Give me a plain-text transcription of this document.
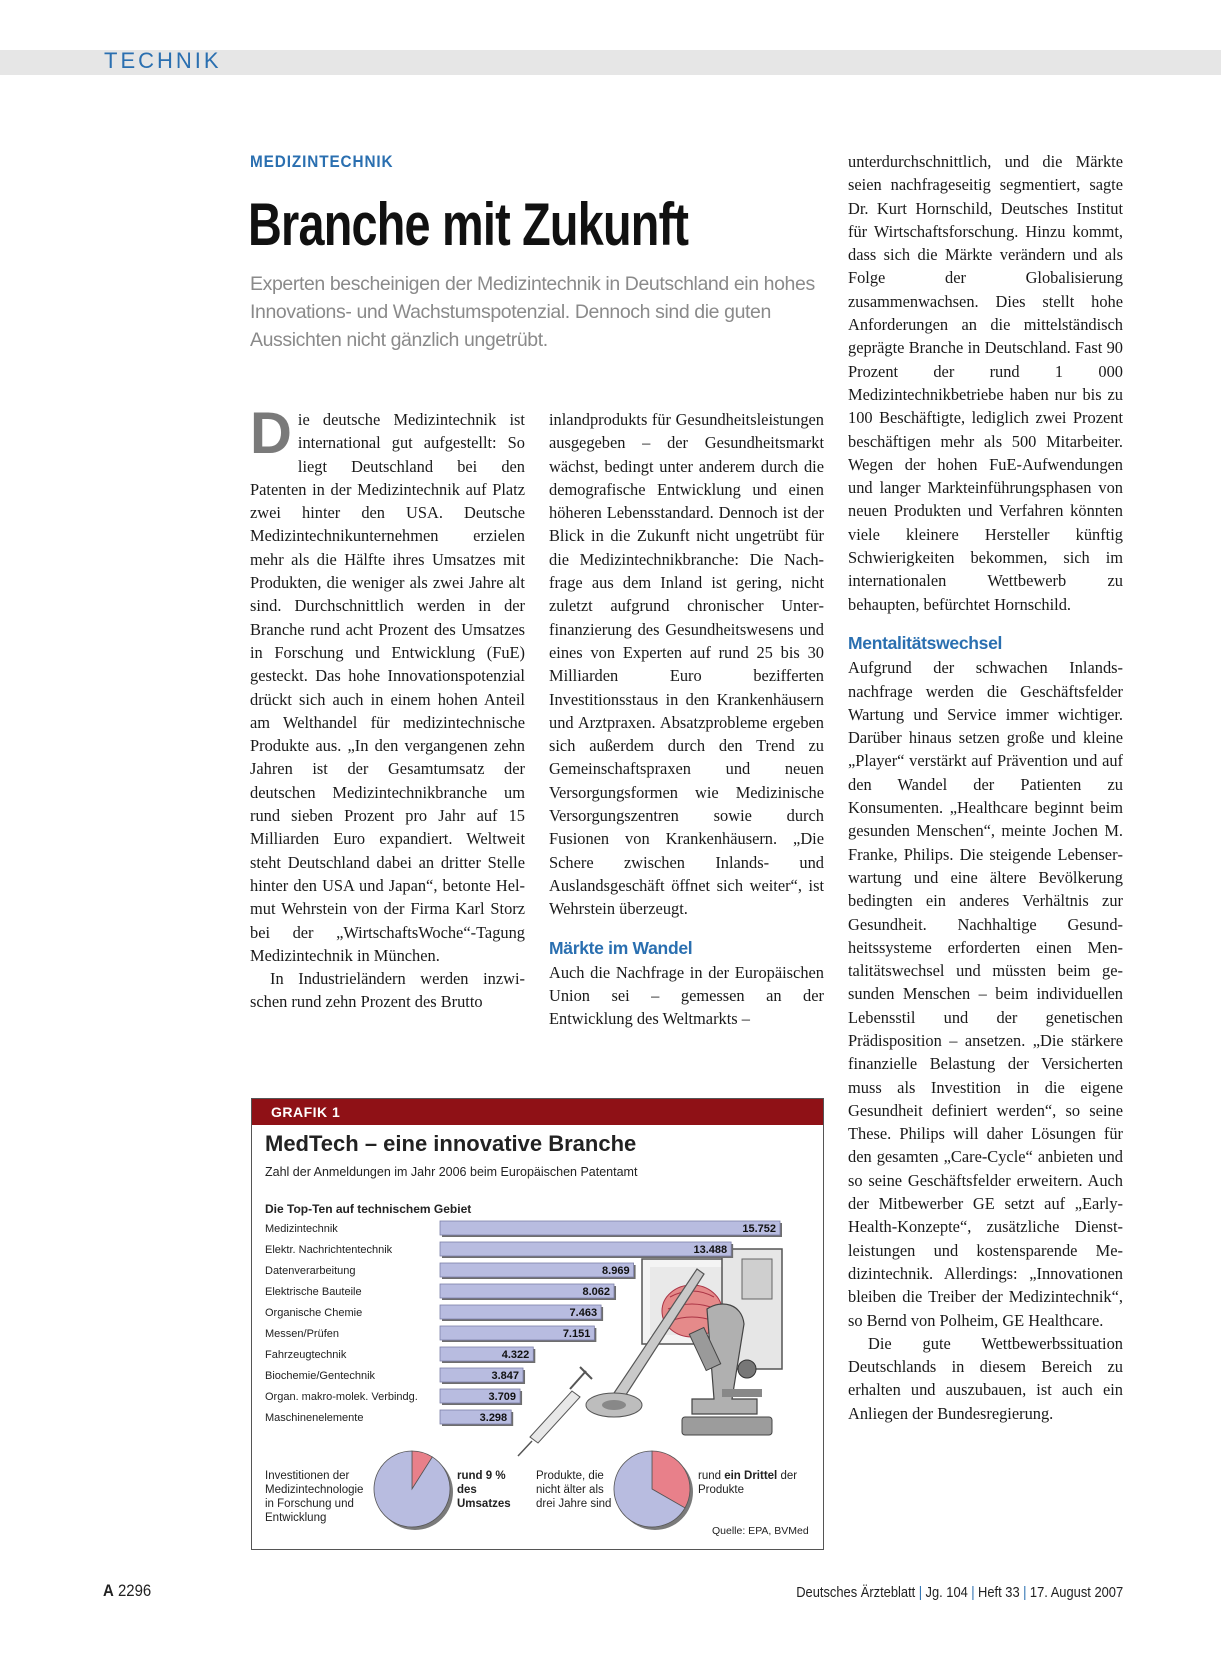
TECHNIK
MEDIZINTECHNIK
Branche mit Zukunft

Experten bescheinigen der Medizintechnik in Deutschland ein hohes Innovations- und Wachstumspotenzial. Dennoch sind die guten Aussichten nicht gänzlich ungetrübt.

Die deutsche Medizintechnik ist international gut aufgestellt: So liegt Deutschland bei den Patenten in der Medizintechnik auf Platz zwei hinter den USA. Deutsche Medizintechnikunternehmen erzielen mehr als die Hälfte ihres Umsatzes mit Produkten, die weniger als zwei Jahre alt sind. Durchschnittlich werden in der Branche rund acht Prozent des Umsatzes in Forschung und Entwicklung (FuE) gesteckt. Das hohe Innovationspotenzial drückt sich auch in einem hohen Anteil am Welthandel für medizintechnische Produkte aus. „In den vergangenen zehn Jahren ist der Gesamtumsatz der deutschen Medizintechnikbranche um rund sieben Prozent pro Jahr auf 15 Milliarden Euro expandiert. Weltweit steht Deutschland dabei an dritter Stelle hinter den USA und Japan“, betonte Helmut Wehrstein von der Firma Karl Storz bei der „WirtschaftsWoche“-Tagung Medizintechnik in München.

In Industrieländern werden inzwischen rund zehn Prozent des Brutto

inlandprodukts für Gesundheitsleistungen ausgegeben – der Gesundheitsmarkt wächst, bedingt unter anderem durch die demografische Entwicklung und einen höheren Lebensstandard. Dennoch ist der Blick in die Zukunft nicht ungetrübt für die Medizintechnikbranche: Die Nachfrage aus dem Inland ist gering, nicht zuletzt aufgrund chronischer Unterfinanzierung des Gesundheitswesens und eines von Experten auf rund 25 bis 30 Milliarden Euro bezifferten Investitionsstaus in den Krankenhäusern und Arztpraxen. Absatzprobleme ergeben sich außerdem durch den Trend zu Gemeinschaftspraxen und neuen Versorgungsformen wie Medizinische Versorgungszentren sowie durch Fusionen von Krankenhäusern. „Die Schere zwischen Inlands- und Auslandsgeschäft öffnet sich weiter“, ist Wehrstein überzeugt.

Märkte im Wandel

Auch die Nachfrage in der Europäischen Union sei – gemessen an der Entwicklung des Weltmarkts –

unterdurchschnittlich, und die Märkte seien nachfrageseitig segmentiert, sagte Dr. Kurt Hornschild, Deutsches Institut für Wirtschaftsforschung. Hinzu kommt, dass sich die Märkte verändern und als Folge der Globalisierung zusammenwachsen. Dies stellt hohe Anforderungen an die mittelständisch geprägte Branche in Deutschland. Fast 90 Prozent der rund 1 000 Medizintechnikbetriebe haben nur bis zu 100 Beschäftigte, lediglich zwei Prozent beschäftigen mehr als 500 Mitarbeiter. Wegen der hohen FuE-Aufwendungen und langer Markteinführungsphasen von neuen Produkten und Verfahren könnten viele kleinere Hersteller künftig Schwierigkeiten bekommen, sich im internationalen Wettbewerb zu behaupten, befürchtet Hornschild.

Mentalitätswechsel

Aufgrund der schwachen Inlandsnachfrage werden die Geschäftsfelder Wartung und Service immer wichtiger. Darüber hinaus setzen große und kleine „Player“ verstärkt auf Prävention und auf den Wandel der Patienten zu Konsumenten. „Healthcare beginnt beim gesunden Menschen“, meinte Jochen M. Franke, Philips. Die steigende Lebenserwartung und eine ältere Bevölkerung bedingten ein anderes Verhältnis zur Gesundheit. Nachhaltige Gesundheitssysteme erforderten einen Mentalitätswechsel und müssten beim gesunden Menschen – beim individuellen Lebensstil und der genetischen Prädisposition – ansetzen. „Die stärkere finanzielle Belastung der Versicherten muss als Investition in die eigene Gesundheit definiert werden“, so seine These. Philips will daher Lösungen für den gesamten „Care-Cycle“ anbieten und so seine Geschäftsfelder erweitern. Auch der Mitbewerber GE setzt auf „Early-Health-Konzepte“, zusätzliche Dienstleistungen und kostensparende Medizintechnik. Allerdings: „Innovationen bleiben die Treiber der Medizintechnik“, so Bernd von Polheim, GE Healthcare.

Die gute Wettbewerbssituation Deutschlands in diesem Bereich zu erhalten und auszubauen, ist auch ein Anliegen der Bundesregierung.

GRAFIK 1
MedTech – eine innovative Branche
Zahl der Anmeldungen im Jahr 2006 beim Europäischen Patentamt
Die Top-Ten auf technischem Gebiet
Medizintechnik	15.752
Elektr. Nachrichtentechnik	13.488
Datenverarbeitung	8.969
Elektrische Bauteile	8.062
Organische Chemie	7.463
Messen/Prüfen	7.151
Fahrzeugtechnik	4.322
Biochemie/Gentechnik	3.847
Organ. makro-molek. Verbindg.	3.709
Maschinenelemente	3.298
Investitionen der Medizintechnologie in Forschung und Entwicklung
rund 9 % des Umsatzes
Produkte, die nicht älter als drei Jahre sind
rund ein Drittel der Produkte
Quelle: EPA, BVMed
A 2296	Deutsches Ärzteblatt | Jg. 104 | Heft 33 | 17. August 2007
